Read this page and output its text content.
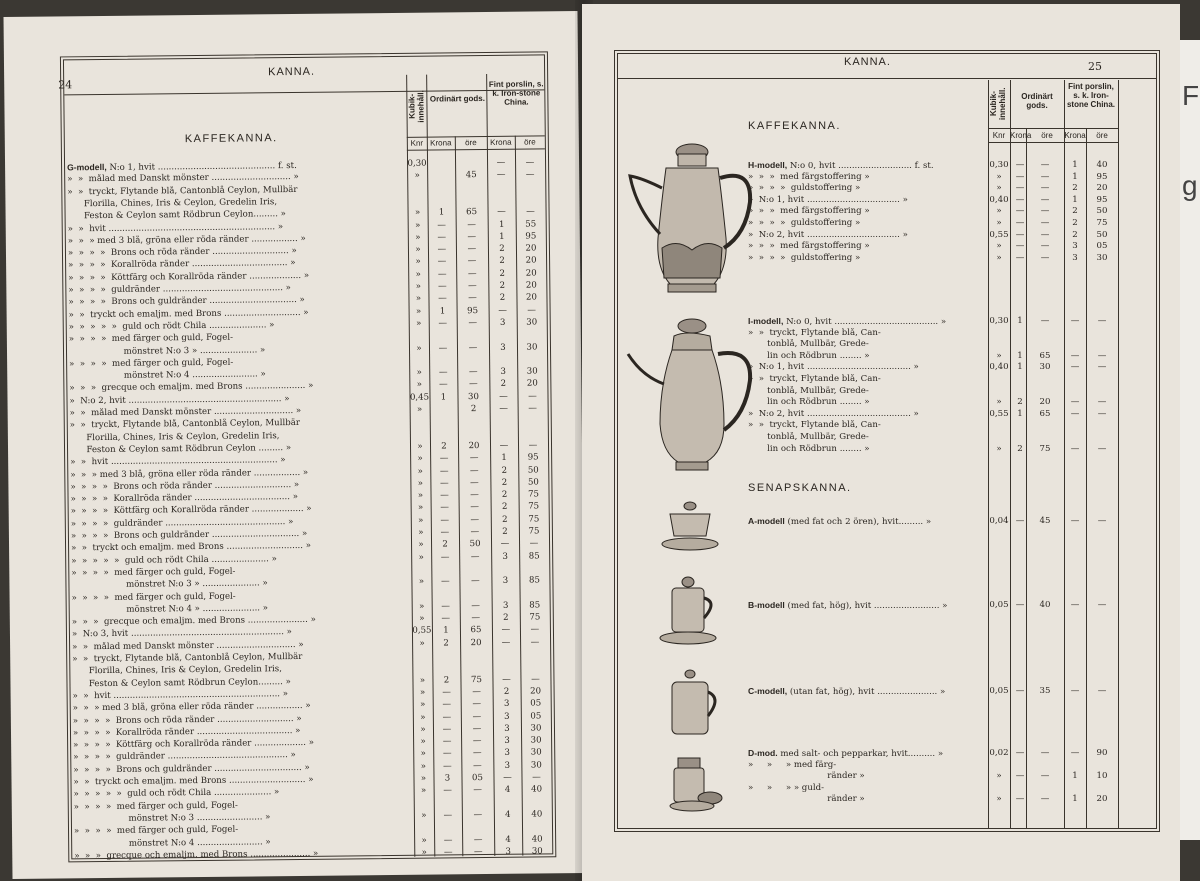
24
KANNA.
Kubik-innehåll. Ordinärt gods.
Fint porslin, s. k. Iron-stone China.
Knr Krona	öre	Krona	öre
KAFFEKANNA.
G-modell, N:o 1, hvit ........................................... f. st.	0,30	—	—
»  »  målad med Danskt mönster ............................. »	»	45	—	—
»  »  tryckt, Flytande blå, Cantonblå Ceylon, Mullbär
Florilla, Chines, Iris & Ceylon, Gredelin Iris,
Feston & Ceylon samt Rödbrun Ceylon......... »	»	1	65	—	—
»  »  hvit ............................................................. »	»	—	—	1	55
»  »  » med 3 blå, gröna eller röda ränder ................. »	»	—	—	1	95
»  »  »  »  Brons och röda ränder ............................ »	»	—	—	2	20
»  »  »  »  Korallröda ränder ................................... »	»	—	—	2	20
»  »  »  »  Köttfärg och Korallröda ränder ................... »	»	—	—	2	20
»  »  »  »  guldränder ............................................ »	»	—	—	2	20
»  »  »  »  Brons och guldränder ................................ »	»	—	—	2	20
»  »  tryckt och emaljm. med Brons ............................ »	»	1	95	—	—
»  »  »  »  »  guld och rödt Chila ..................... »	»	—	—	3	30
»  »  »  »  med färger och guld, Fogel-
mönstret N:o 3 » ..................... »	»	—	—	3	30
»  »  »  »  med färger och guld, Fogel-
mönstret N:o 4 ........................ »	»	—	—	3	30
»  »  »  grecque och emaljm. med Brons ...................... »	»	—	—	2	20
»  N:o 2, hvit ........................................................ »	0,45	1	30	—	—
»  »  målad med Danskt mönster ............................. »	»	2	—	—
»  »  tryckt, Flytande blå, Cantonblå Ceylon, Mullbär
Florilla, Chines, Iris & Ceylon, Gredelin Iris,
Feston & Ceylon samt Rödbrun Ceylon ......... »	»	2	20	—	—
»  »  hvit ............................................................. »	»	—	—	1	95
»  »  » med 3 blå, gröna eller röda ränder ................. »	»	—	—	2	50
»  »  »  »  Brons och röda ränder ............................ »	»	—	—	2	50
»  »  »  »  Korallröda ränder ................................... »	»	—	—	2	75
»  »  »  »  Köttfärg och Korallröda ränder ................... »	»	—	—	2	75
»  »  »  »  guldränder ............................................ »	»	—	—	2	75
»  »  »  »  Brons och guldränder ................................ »	»	—	—	2	75
»  »  tryckt och emaljm. med Brons ............................ »	»	2	50	—	—
»  »  »  »  »  guld och rödt Chila ..................... »	»	—	—	3	85
»  »  »  »  med färger och guld, Fogel-
mönstret N:o 3 » ..................... »	»	—	—	3	85
»  »  »  »  med färger och guld, Fogel-
mönstret N:o 4 » ..................... »	»	—	—	3	85
»  »  »  grecque och emaljm. med Brons ...................... »	»	—	—	2	75
»  N:o 3, hvit ........................................................ »	0,55	1	65	—	—
»  »  målad med Danskt mönster ............................. »	»	2	20	—	—
»  »  tryckt, Flytande blå, Cantonblå Ceylon, Mullbär
Florilla, Chines, Iris & Ceylon, Gredelin Iris,
Feston & Ceylon samt Rödbrun Ceylon......... »	»	2	75	—	—
»  »  hvit ............................................................. »	»	—	—	2	20
»  »  » med 3 blå, gröna eller röda ränder ................. »	»	—	—	3	05
»  »  »  »  Brons och röda ränder ............................ »	»	—	—	3	05
»  »  »  »  Korallröda ränder ................................... »	»	—	—	3	30
»  »  »  »  Köttfärg och Korallröda ränder ................... »	»	—	—	3	30
»  »  »  »  guldränder ............................................ »	»	—	—	3	30
»  »  »  »  Brons och guldränder ................................ »	»	—	—	3	30
»  »  tryckt och emaljm. med Brons ............................ »	»	3	05	—	—
»  »  »  »  »  guld och rödt Chila ..................... »	»	—	—	4	40
»  »  »  »  med färger och guld, Fogel-
mönstret N:o 3 ........................ »	»	—	—	4	40
»  »  »  »  med färger och guld, Fogel-
mönstret N:o 4 ........................ »	»	—	—	4	40
»  »  »  grecque och emaljm. med Brons ...................... »	»	—	—	3	30
KANNA.	25
Kubik-innehåll.	Ordinärt gods.
Fint porslin, s. k. Iron-stone China.
Knr Krona	öre	Krona	öre
KAFFEKANNA.
SENAPSKANNA.
H-modell, N:o 0, hvit ........................... f. st.	0,30 —	—	1	40
»  »  »  med färgstoffering »	»	—	—	1	95
»  »  »  »  guldstoffering »	»	—	—	2	20
»  N:o 1, hvit .................................. »	0,40 —	—	1	95
»  »  »  med färgstoffering »	»	—	—	2	50
»  »  »  »  guldstoffering »	»	—	—	2	75
»  N:o 2, hvit .................................. »	0,55 —	—	2	50
»  »  »  med färgstoffering »	»	—	—	3	05
»  »  »  »  guldstoffering »	»	—	—	3	30
I-modell, N:o 0, hvit ...................................... »	0,30	1	—	—	—
»  »  tryckt, Flytande blå, Can-
tonblå, Mullbär, Grede-
lin och Rödbrun ........ »	»	1	65	—	—
»  N:o 1, hvit ...................................... »	0,40	1	30	—	—
»  »  tryckt, Flytande blå, Can-
tonblå, Mullbär, Grede-
lin och Rödbrun ........ »	»	2	20	—	—
»  N:o 2, hvit ...................................... »	0,55	1	65	—	—
»  »  tryckt, Flytande blå, Can-
tonblå, Mullbär, Grede-
lin och Rödbrun ........ »	»	2	75	—	—
A-modell (med fat och 2 ören), hvit......... »	0,04 —	45	—	—
B-modell (med fat, hög), hvit ........................ »	0,05 —	40	—	—
C-modell, (utan fat, hög), hvit ...................... »	0,05 —	35	—	—
D-mod. med salt- och pepparkar, hvit.......... »	0,02 —	—	—	90
»     »     » med färg-
ränder »	»	—	—	1	10
»     »     » » guld-
ränder »	»	—	—	1	20
F
g
